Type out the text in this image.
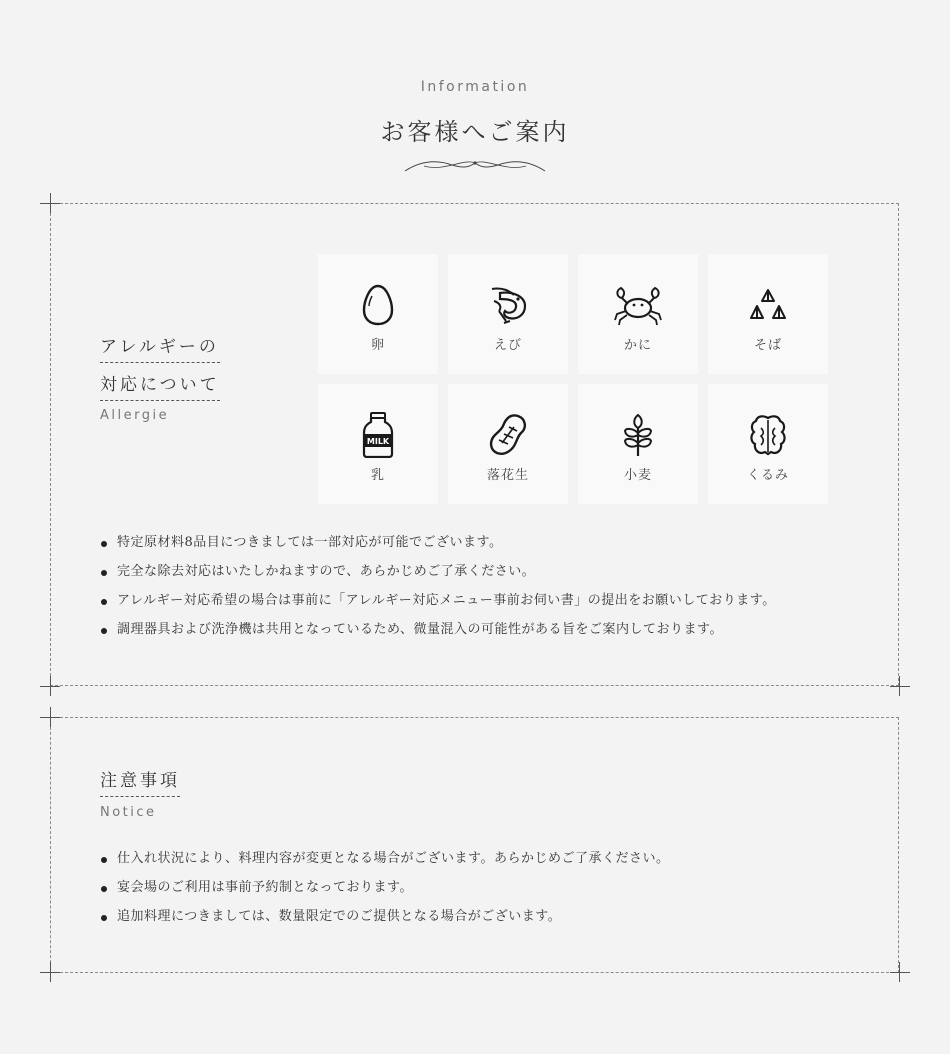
Information
お客様へご案内
アレルギーの
対応について
Allergie
卵	えび	かに	そば
MILK
乳	落花生	小麦	くるみ
特定原材料8品目につきましては一部対応が可能でございます。
完全な除去対応はいたしかねますので、あらかじめご了承ください。
アレルギー対応希望の場合は事前に「アレルギー対応メニュー事前お伺い書」の提出をお願いしております。
調理器具および洗浄機は共用となっているため、微量混入の可能性がある旨をご案内しております。
注意事項
Notice
仕入れ状況により、料理内容が変更となる場合がございます。あらかじめご了承ください。
宴会場のご利用は事前予約制となっております。
追加料理につきましては、数量限定でのご提供となる場合がございます。
